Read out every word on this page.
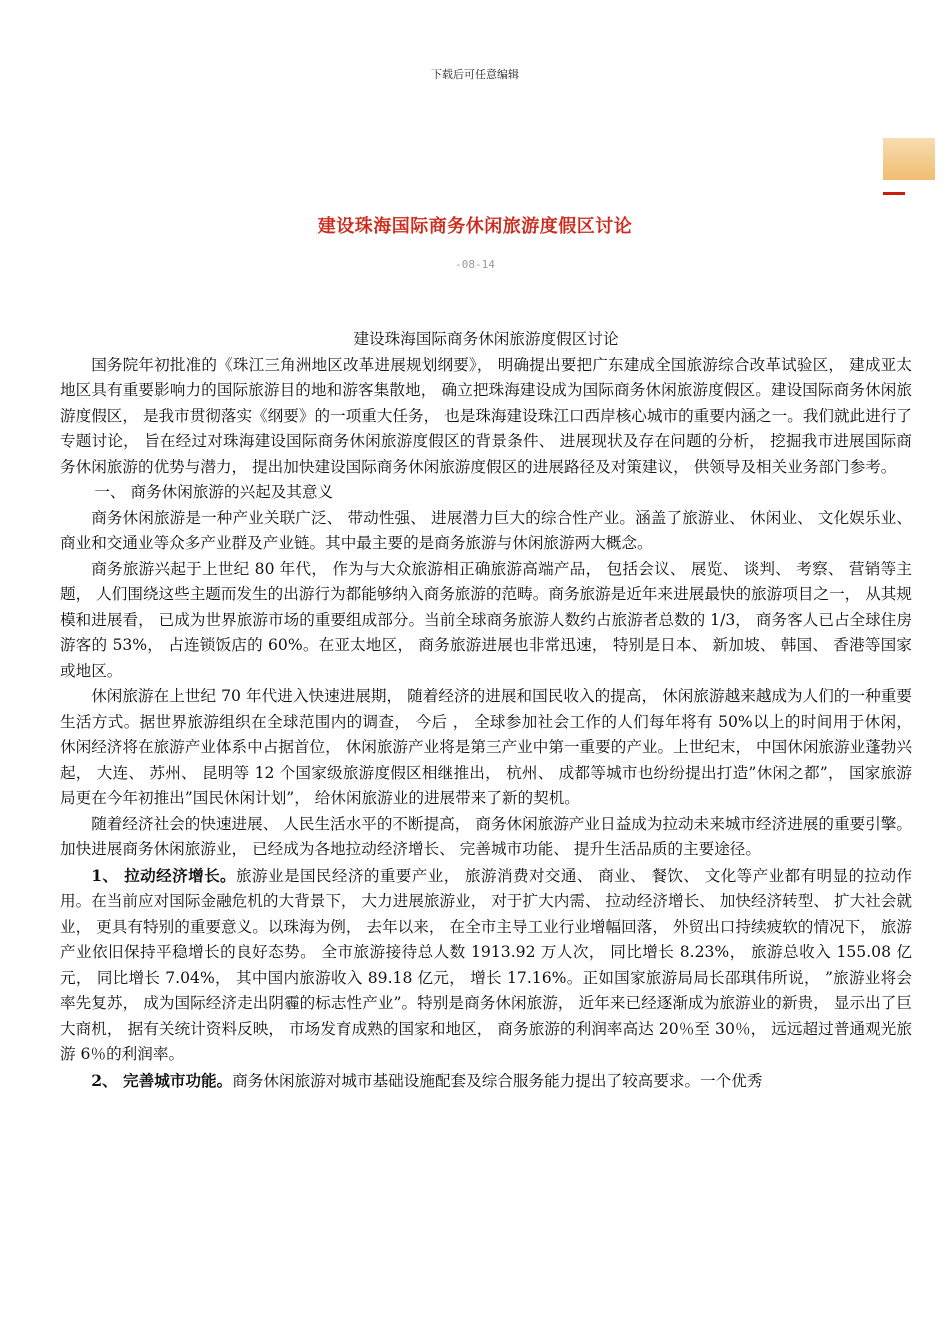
下载后可任意编辑
建设珠海国际商务休闲旅游度假区讨论
-08-14

建设珠海国际商务休闲旅游度假区讨论

国务院年初批准的《珠江三角洲地区改革进展规划纲要》， 明确提出要把广东建成全国旅游综合改革试验区， 建成亚太地区具有重要影响力的国际旅游目的地和游客集散地， 确立把珠海建设成为国际商务休闲旅游度假区。建设国际商务休闲旅游度假区， 是我市贯彻落实《纲要》的一项重大任务， 也是珠海建设珠江口西岸核心城市的重要内涵之一。我们就此进行了专题讨论， 旨在经过对珠海建设国际商务休闲旅游度假区的背景条件、 进展现状及存在问题的分析， 挖掘我市进展国际商务休闲旅游的优势与潜力， 提出加快建设国际商务休闲旅游度假区的进展路径及对策建议， 供领导及相关业务部门参考。

一、 商务休闲旅游的兴起及其意义

商务休闲旅游是一种产业关联广泛、 带动性强、 进展潜力巨大的综合性产业。涵盖了旅游业、 休闲业、 文化娱乐业、 商业和交通业等众多产业群及产业链。其中最主要的是商务旅游与休闲旅游两大概念。

商务旅游兴起于上世纪 80 年代， 作为与大众旅游相正确旅游高端产品， 包括会议、 展览、 谈判、 考察、 营销等主题， 人们围绕这些主题而发生的出游行为都能够纳入商务旅游的范畴。商务旅游是近年来进展最快的旅游项目之一， 从其规模和进展看， 已成为世界旅游市场的重要组成部分。当前全球商务旅游人数约占旅游者总数的 1/3， 商务客人已占全球住房游客的 53%， 占连锁饭店的 60%。在亚太地区， 商务旅游进展也非常迅速， 特别是日本、 新加坡、 韩国、 香港等国家或地区。

休闲旅游在上世纪 70 年代进入快速进展期， 随着经济的进展和国民收入的提高， 休闲旅游越来越成为人们的一种重要生活方式。据世界旅游组织在全球范围内的调查， 今后 ， 全球参加社会工作的人们每年将有 50%以上的时间用于休闲， 休闲经济将在旅游产业体系中占据首位， 休闲旅游产业将是第三产业中第一重要的产业。上世纪末， 中国休闲旅游业蓬勃兴起， 大连、 苏州、 昆明等 12 个国家级旅游度假区相继推出， 杭州、 成都等城市也纷纷提出打造”休闲之都”， 国家旅游局更在今年初推出”国民休闲计划”， 给休闲旅游业的进展带来了新的契机。

随着经济社会的快速进展、 人民生活水平的不断提高， 商务休闲旅游产业日益成为拉动未来城市经济进展的重要引擎。加快进展商务休闲旅游业， 已经成为各地拉动经济增长、 完善城市功能、 提升生活品质的主要途径。

1、 拉动经济增长。旅游业是国民经济的重要产业， 旅游消费对交通、 商业、 餐饮、 文化等产业都有明显的拉动作用。在当前应对国际金融危机的大背景下， 大力进展旅游业， 对于扩大内需、 拉动经济增长、 加快经济转型、 扩大社会就业， 更具有特别的重要意义。以珠海为例， 去年以来， 在全市主导工业行业增幅回落， 外贸出口持续疲软的情况下， 旅游产业依旧保持平稳增长的良好态势。 全市旅游接待总人数 1913.92 万人次， 同比增长 8.23%， 旅游总收入 155.08 亿元， 同比增长 7.04%， 其中国内旅游收入 89.18 亿元， 增长 17.16%。正如国家旅游局局长邵琪伟所说， ”旅游业将会率先复苏， 成为国际经济走出阴霾的标志性产业”。特别是商务休闲旅游， 近年来已经逐渐成为旅游业的新贵， 显示出了巨大商机， 据有关统计资料反映， 市场发育成熟的国家和地区， 商务旅游的利润率高达 20％至 30％， 远远超过普通观光旅游 6％的利润率。

2、 完善城市功能。商务休闲旅游对城市基础设施配套及综合服务能力提出了较高要求。一个优秀
